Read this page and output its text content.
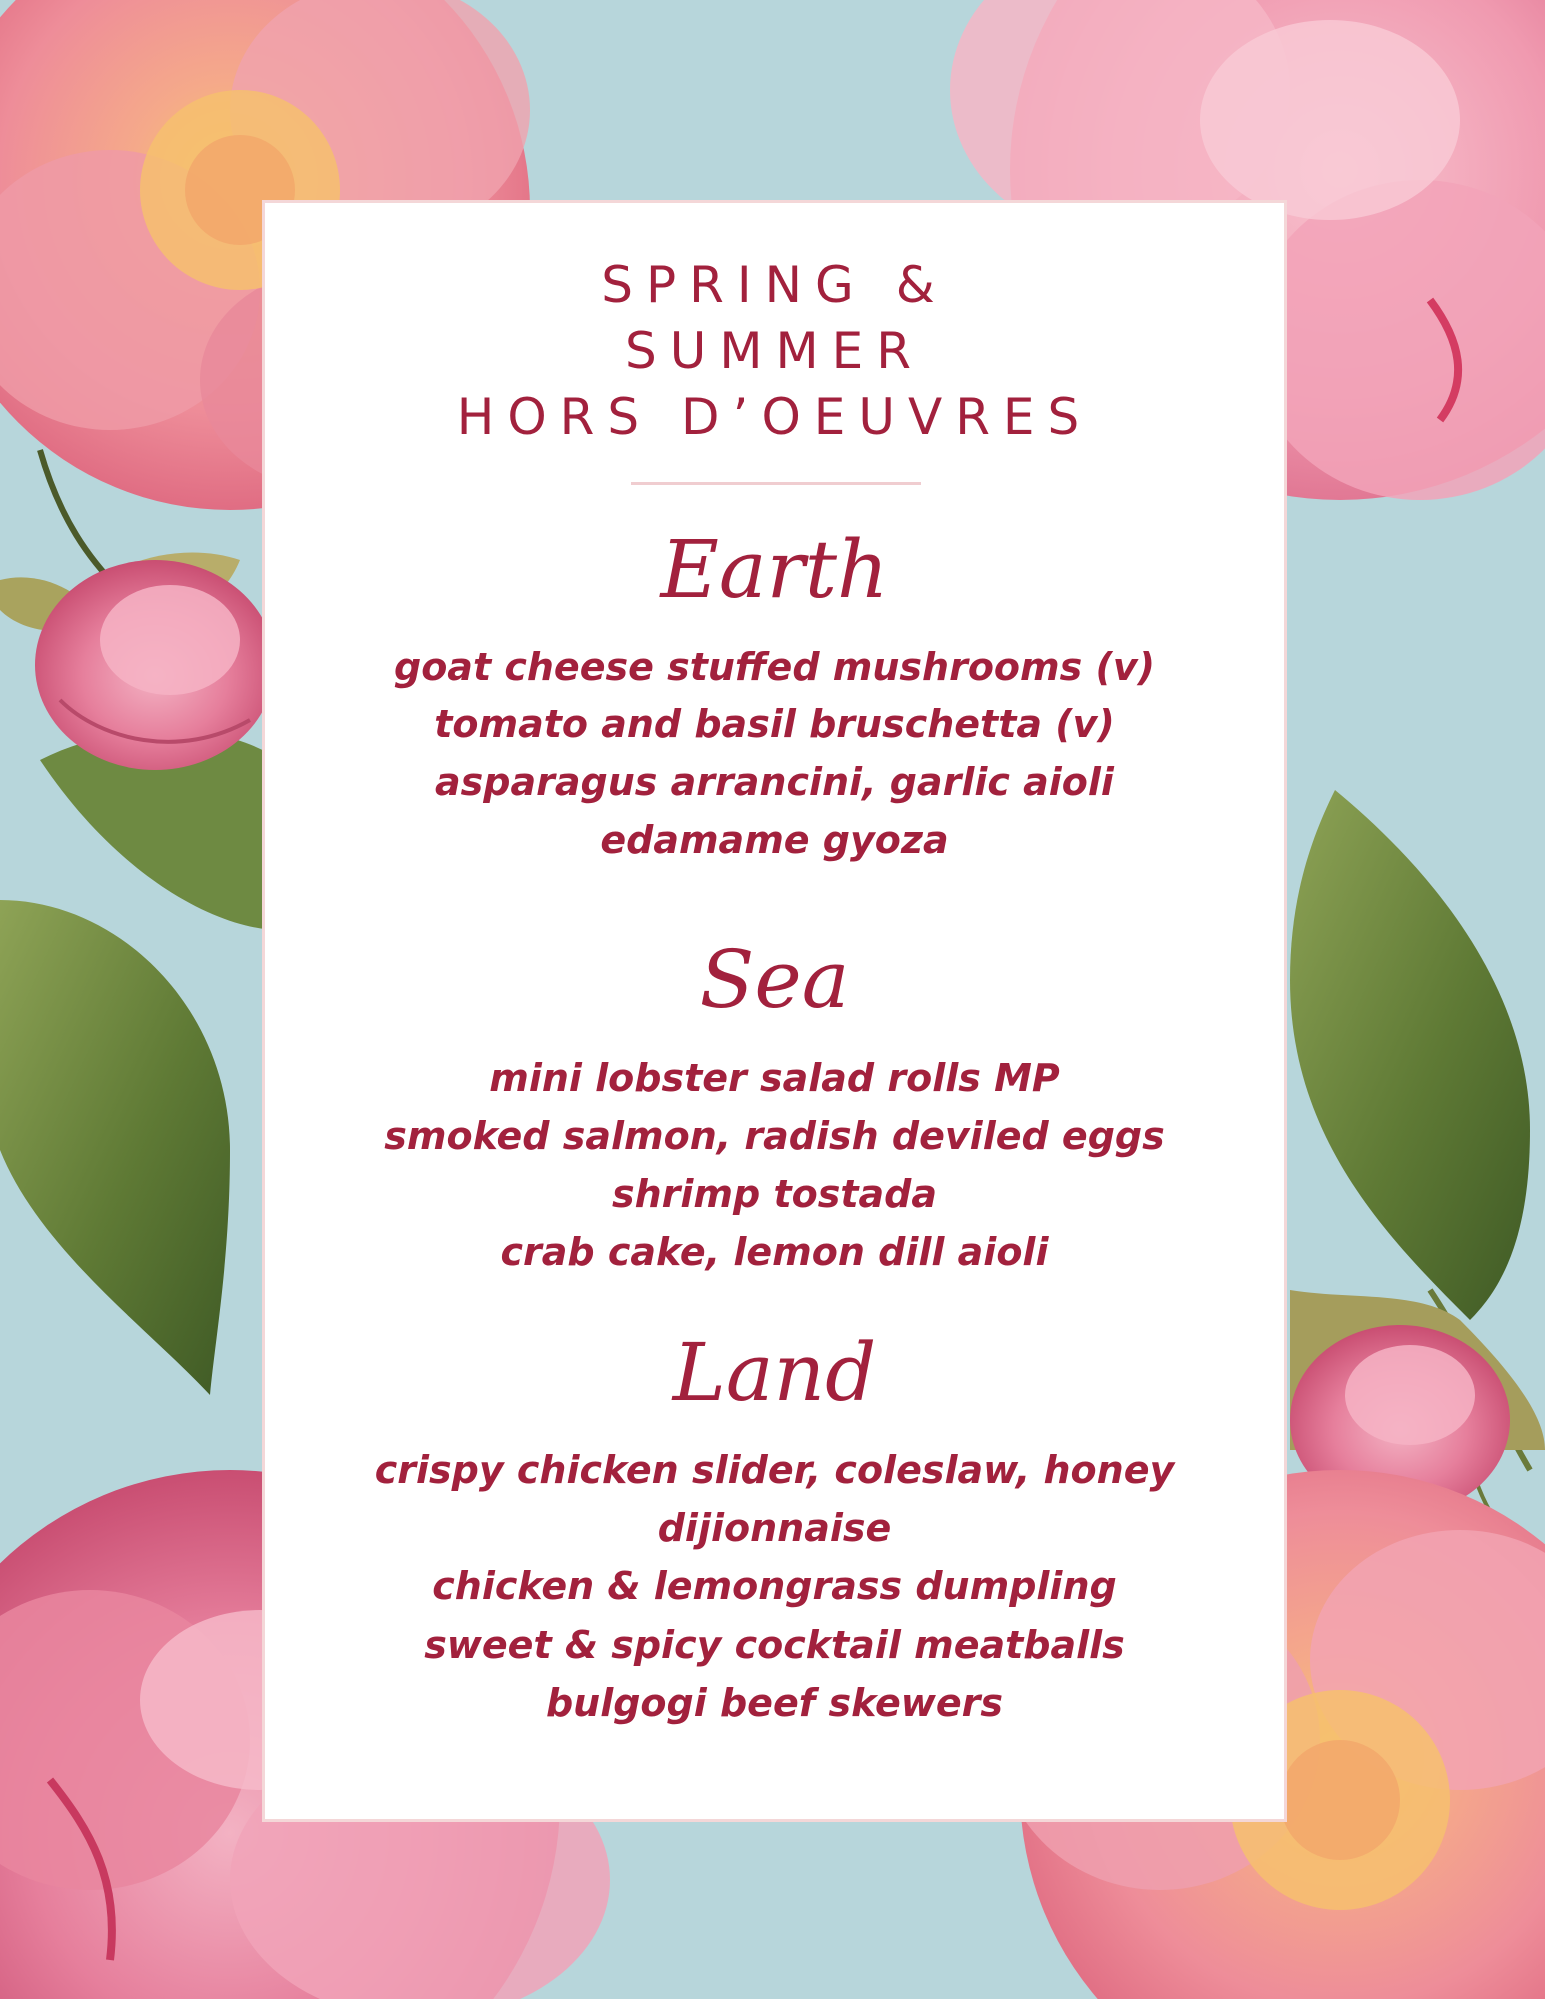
SPRING &
SUMMER
HORS D’OEUVRES
Earth
goat cheese stuffed mushrooms (v)
tomato and basil bruschetta (v)
asparagus arrancini, garlic aioli
edamame gyoza
Sea
mini lobster salad rolls MP
smoked salmon, radish deviled eggs
shrimp tostada
crab cake, lemon dill aioli
Land
crispy chicken slider, coleslaw, honey
dijionnaise
chicken & lemongrass dumpling
sweet & spicy cocktail meatballs
bulgogi beef skewers
